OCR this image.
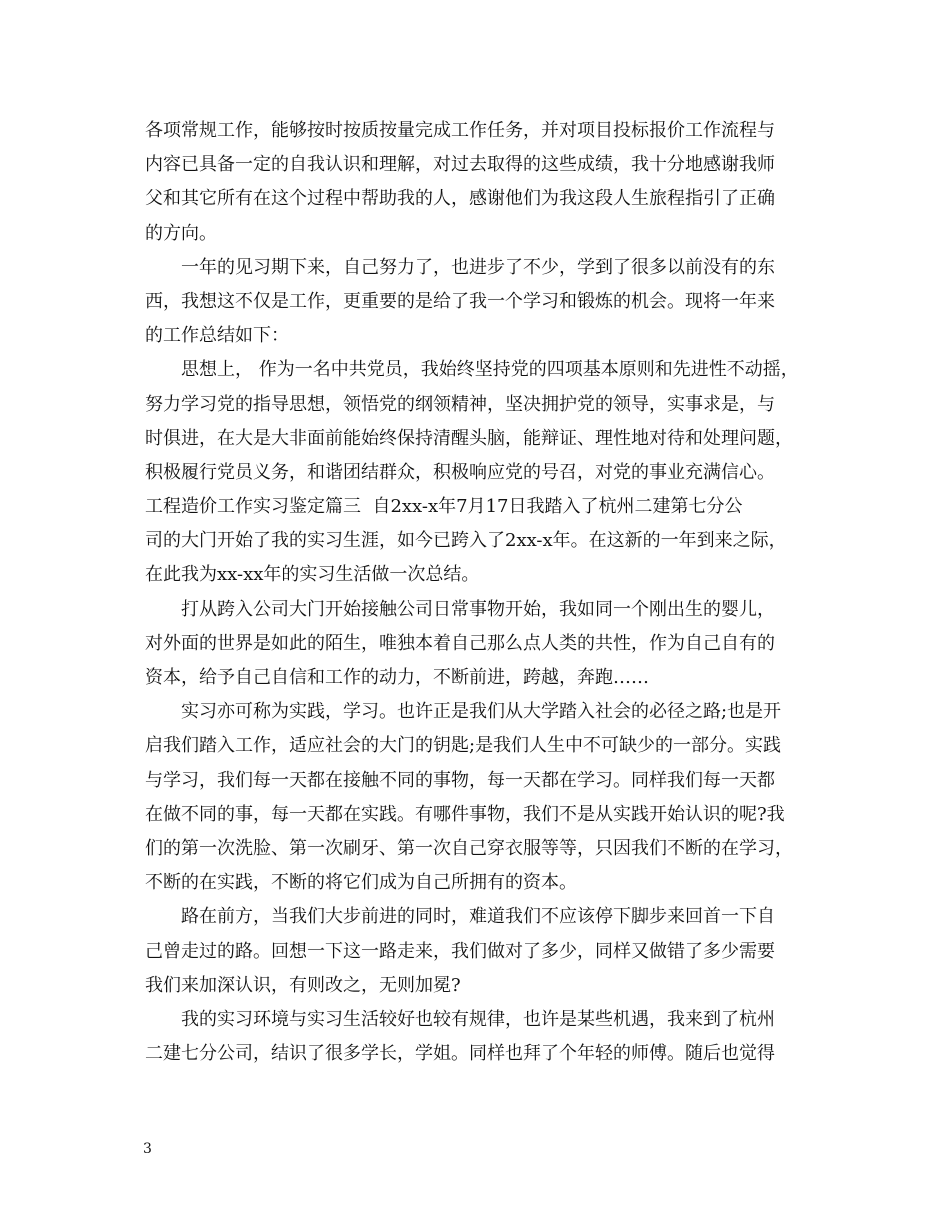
各项常规工作，能够按时按质按量完成工作任务，并对项目投标报价工作流程与
内容已具备一定的自我认识和理解，对过去取得的这些成绩，我十分地感谢我师
父和其它所有在这个过程中帮助我的人，感谢他们为我这段人生旅程指引了正确
的方向。
一年的见习期下来，自己努力了，也进步了不少，学到了很多以前没有的东
西，我想这不仅是工作，更重要的是给了我一个学习和锻炼的机会。现将一年来
的工作总结如下：
思想上， 作为一名中共党员，我始终坚持党的四项基本原则和先进性不动摇，
努力学习党的指导思想，领悟党的纲领精神，坚决拥护党的领导，实事求是，与
时俱进，在大是大非面前能始终保持清醒头脑，能辩证、理性地对待和处理问题，
积极履行党员义务，和谐团结群众，积极响应党的号召，对党的事业充满信心。
工程造价工作实习鉴定篇三  自2xx-x年7月17日我踏入了杭州二建第七分公
司的大门开始了我的实习生涯，如今已跨入了2xx-x年。在这新的一年到来之际，
在此我为xx-xx年的实习生活做一次总结。
打从跨入公司大门开始接触公司日常事物开始，我如同一个刚出生的婴儿，
对外面的世界是如此的陌生，唯独本着自己那么点人类的共性，作为自己自有的
资本，给予自己自信和工作的动力，不断前进，跨越，奔跑……
实习亦可称为实践，学习。也许正是我们从大学踏入社会的必径之路;也是开
启我们踏入工作，适应社会的大门的钥匙;是我们人生中不可缺少的一部分。实践
与学习，我们每一天都在接触不同的事物，每一天都在学习。同样我们每一天都
在做不同的事，每一天都在实践。有哪件事物，我们不是从实践开始认识的呢?我
们的第一次洗脸、第一次刷牙、第一次自己穿衣服等等，只因我们不断的在学习，
不断的在实践，不断的将它们成为自己所拥有的资本。
路在前方，当我们大步前进的同时，难道我们不应该停下脚步来回首一下自
己曾走过的路。回想一下这一路走来，我们做对了多少，同样又做错了多少需要
我们来加深认识，有则改之，无则加冕?
我的实习环境与实习生活较好也较有规律，也许是某些机遇，我来到了杭州
二建七分公司，结识了很多学长，学姐。同样也拜了个年轻的师傅。随后也觉得
3
